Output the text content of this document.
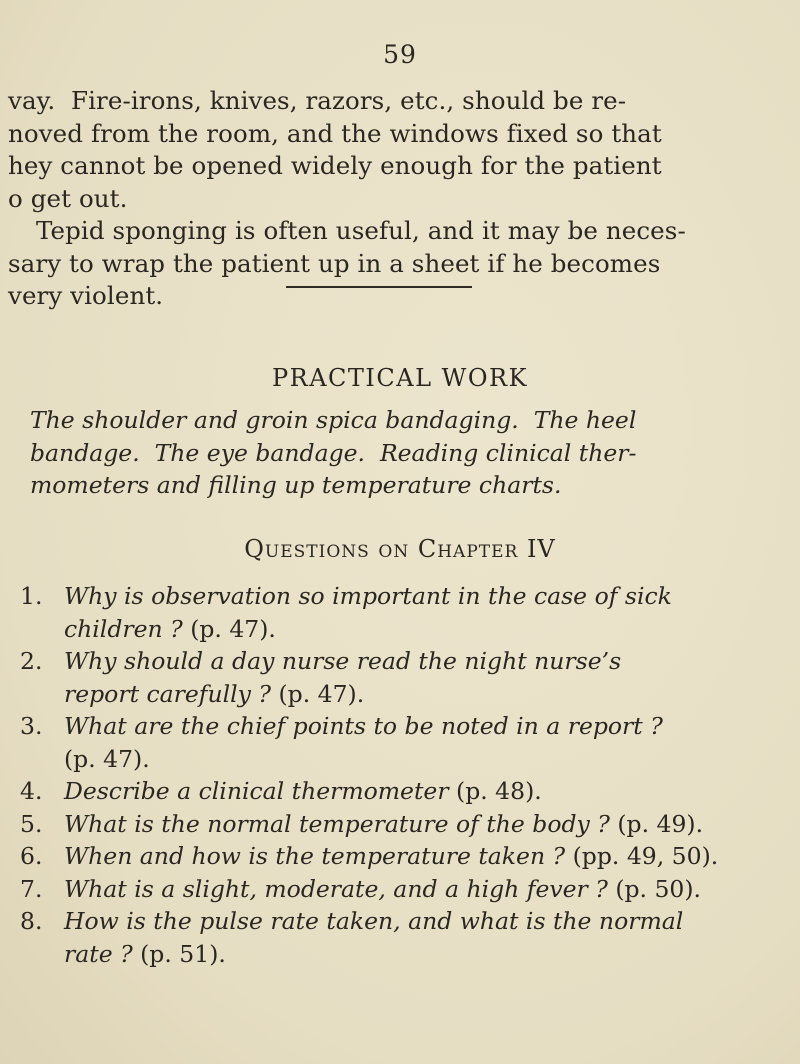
59
vay.  Fire-irons, knives, razors, etc., should be re-
noved from the room, and the windows fixed so that
hey cannot be opened widely enough for the patient
o get out.
Tepid sponging is often useful, and it may be neces-
sary to wrap the patient up in a sheet if he becomes
very violent.
PRACTICAL WORK
The shoulder and groin spica bandaging.  The heel
bandage.  The eye bandage.  Reading clinical ther-
mometers and filling up temperature charts.
Questions on Chapter IV
1. Why is observation so important in the case of sick
children ? (p. 47).
2. Why should a day nurse read the night nurse’s
report carefully ? (p. 47).
3. What are the chief points to be noted in a report ?
(p. 47).
4. Describe a clinical thermometer (p. 48).
5. What is the normal temperature of the body ? (p. 49).
6. When and how is the temperature taken ? (pp. 49, 50).
7. What is a slight, moderate, and a high fever ? (p. 50).
8. How is the pulse rate taken, and what is the normal
rate ? (p. 51).
